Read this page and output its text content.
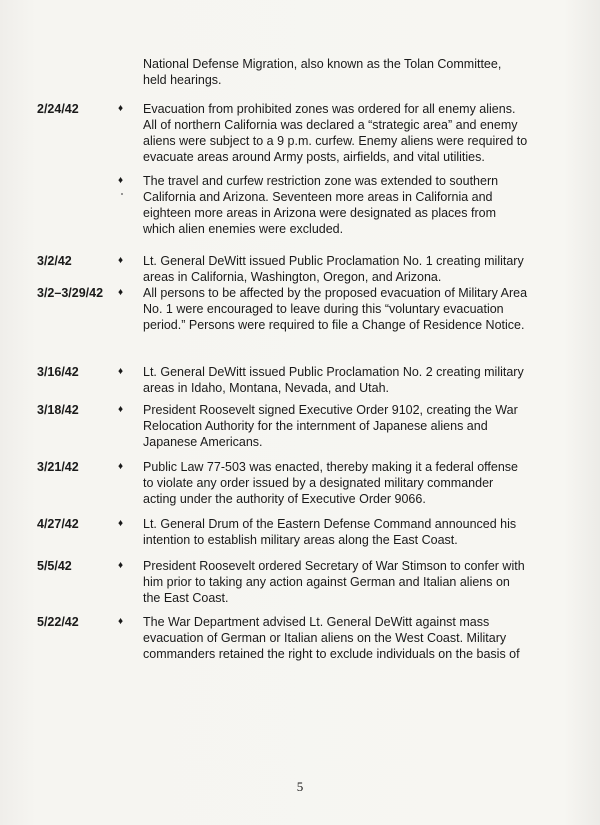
National Defense Migration, also known as the Tolan Committee, held hearings.
2/24/42	♦ Evacuation from prohibited zones was ordered for all enemy aliens. All of northern California was declared a “strategic area” and enemy aliens were subject to a 9 p.m. curfew. Enemy aliens were required to evacuate areas around Army posts, airfields, and vital utilities.
♦ The travel and curfew restriction zone was extended to southern California and Arizona. Seventeen more areas in California and eighteen more areas in Arizona were designated as places from which alien enemies were excluded.
3/2/42	♦ Lt. General DeWitt issued Public Proclamation No. 1 creating military areas in California, Washington, Oregon, and Arizona.
3/2–3/29/42 ♦ All persons to be affected by the proposed evacuation of Military Area No. 1 were encouraged to leave during this “voluntary evacuation period.” Persons were required to file a Change of Residence Notice.
3/16/42	♦ Lt. General DeWitt issued Public Proclamation No. 2 creating military areas in Idaho, Montana, Nevada, and Utah.
3/18/42	♦ President Roosevelt signed Executive Order 9102, creating the War Relocation Authority for the internment of Japanese aliens and Japanese Americans.
3/21/42	♦ Public Law 77-503 was enacted, thereby making it a federal offense to violate any order issued by a designated military commander acting under the authority of Executive Order 9066.
4/27/42	♦ Lt. General Drum of the Eastern Defense Command announced his intention to establish military areas along the East Coast.
5/5/42	♦ President Roosevelt ordered Secretary of War Stimson to confer with him prior to taking any action against German and Italian aliens on the East Coast.
5/22/42	♦ The War Department advised Lt. General DeWitt against mass evacuation of German or Italian aliens on the West Coast. Military commanders retained the right to exclude individuals on the basis of
5
